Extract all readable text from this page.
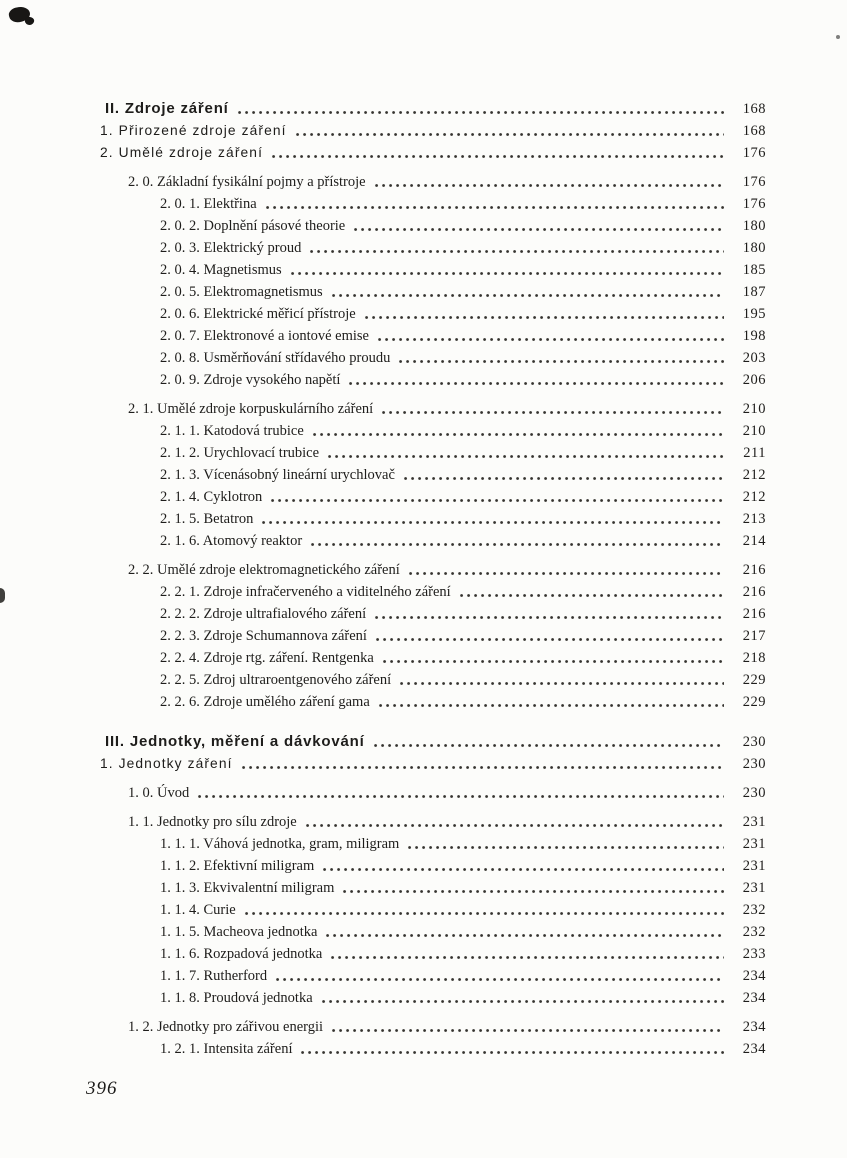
II. Zdroje záření	168
1. Přirozené zdroje záření	168
2. Umělé zdroje záření	176
2. 0. Základní fysikální pojmy a přístroje	176
2. 0. 1. Elektřina	176
2. 0. 2. Doplnění pásové theorie	180
2. 0. 3. Elektrický proud	180
2. 0. 4. Magnetismus	185
2. 0. 5. Elektromagnetismus	187
2. 0. 6. Elektrické měřicí přístroje	195
2. 0. 7. Elektronové a iontové emise	198
2. 0. 8. Usměrňování střídavého proudu	203
2. 0. 9. Zdroje vysokého napětí	206
2. 1. Umělé zdroje korpuskulárního záření	210
2. 1. 1. Katodová trubice	210
2. 1. 2. Urychlovací trubice	211
2. 1. 3. Vícenásobný lineární urychlovač	212
2. 1. 4. Cyklotron	212
2. 1. 5. Betatron	213
2. 1. 6. Atomový reaktor	214
2. 2. Umělé zdroje elektromagnetického záření	216
2. 2. 1. Zdroje infračerveného a viditelného záření	216
2. 2. 2. Zdroje ultrafialového záření	216
2. 2. 3. Zdroje Schumannova záření	217
2. 2. 4. Zdroje rtg. záření. Rentgenka	218
2. 2. 5. Zdroj ultraroentgenového záření	229
2. 2. 6. Zdroje umělého záření gama	229
III. Jednotky, měření a dávkování	230
1. Jednotky záření	230
1. 0. Úvod	230
1. 1. Jednotky pro sílu zdroje	231
1. 1. 1. Váhová jednotka, gram, miligram	231
1. 1. 2. Efektivní miligram	231
1. 1. 3. Ekvivalentní miligram	231
1. 1. 4. Curie	232
1. 1. 5. Macheova jednotka	232
1. 1. 6. Rozpadová jednotka	233
1. 1. 7. Rutherford	234
1. 1. 8. Proudová jednotka	234
1. 2. Jednotky pro zářivou energii	234
1. 2. 1. Intensita záření	234
396
